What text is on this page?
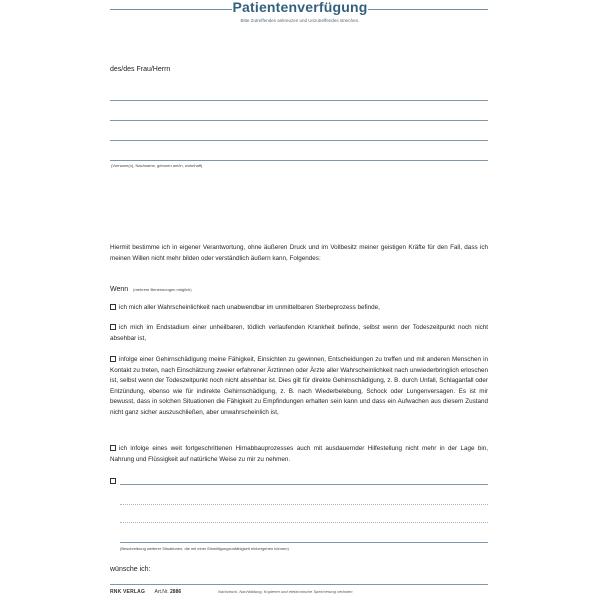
Patientenverfügung
Bitte Zutreffendes ankreuzen und Unzutreffendes streichen.
des/des Frau/Herrn
(Vorname(n), Nachname, geboren am/in, wohnhaft)
Hiermit bestimme ich in eigener Verantwortung, ohne äußeren Druck und im Vollbesitz meiner geistigen Kräfte für den Fall, dass ich meinen Willen nicht mehr bilden oder verständlich äußern kann, Folgendes:
Wenn (mehrere Benennungen möglich)
ich mich aller Wahrscheinlichkeit nach unabwendbar im unmittelbaren Sterbeprozess befinde,
ich mich im Endstadium einer unheilbaren, tödlich verlaufenden Krankheit befinde, selbst wenn der Todeszeitpunkt noch nicht absehbar ist,
infolge einer Gehirnschädigung meine Fähigkeit, Einsichten zu gewinnen, Entscheidungen zu treffen und mit anderen Menschen in Kontakt zu treten, nach Einschätzung zweier erfahrener Ärztinnen oder Ärzte aller Wahrscheinlichkeit nach unwiederbringlich erloschen ist, selbst wenn der Todeszeitpunkt noch nicht absehbar ist. Dies gilt für direkte Gehirnschädigung, z. B. durch Unfall, Schlaganfall oder Entzündung, ebenso wie für indirekte Gehirnschädigung, z. B. nach Wiederbelebung, Schock oder Lungenversagen. Es ist mir bewusst, dass in solchen Situationen die Fähigkeit zu Empfindungen erhalten sein kann und dass ein Aufwachen aus diesem Zustand nicht ganz sicher auszuschließen, aber unwahrscheinlich ist,
ich infolge eines weit fortgeschrittenen Hirnabbauprozesses auch mit ausdauernder Hilfestellung nicht mehr in der Lage bin, Nahrung und Flüssigkeit auf natürliche Weise zu mir zu nehmen.
(Beschreibung weiterer Situationen, die mit einer Einwilligungsunfähigkeit einhergehen können)
wünsche ich:
RNK VERLAG Art.Nr. 2886	Nachdruck, Nachbildung, Kopieren und elektronische Speicherung verboten
